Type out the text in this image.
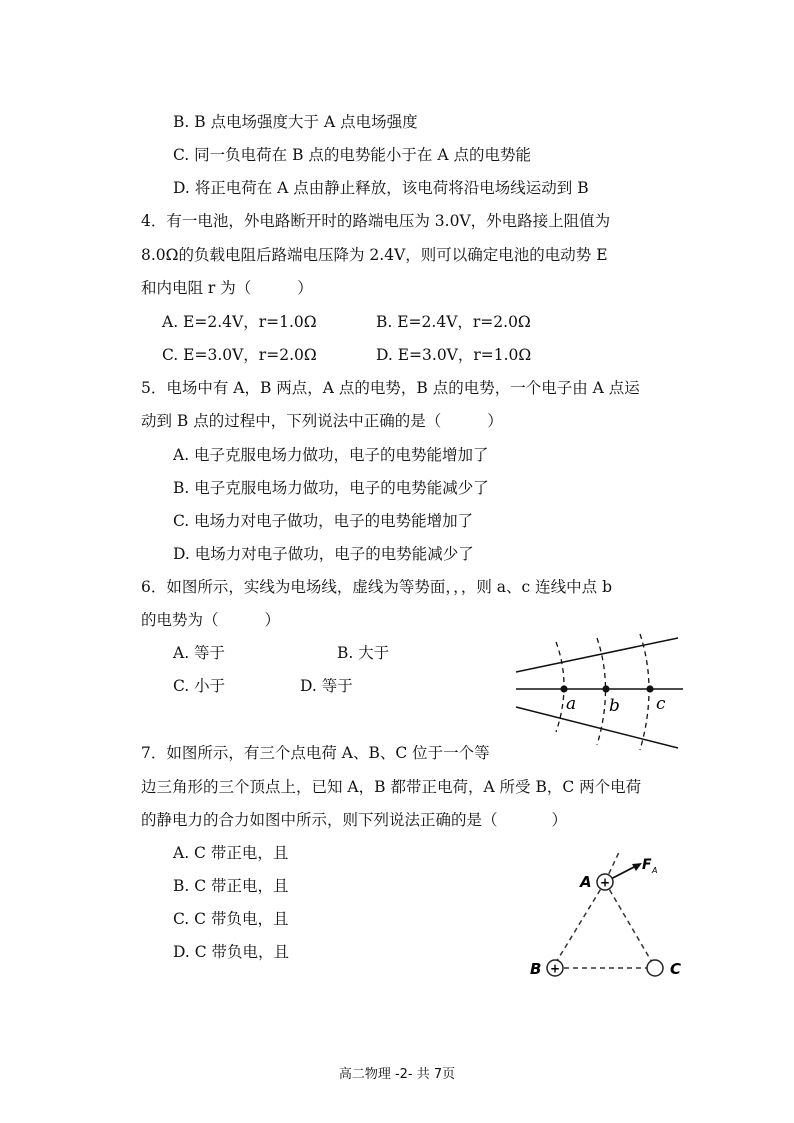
B. B 点电场强度大于 A 点电场强度
C. 同一负电荷在 B 点的电势能小于在 A 点的电势能
D. 将正电荷在 A 点由静止释放，该电荷将沿电场线运动到 B
4．有一电池，外电路断开时的路端电压为 3.0V，外电路接上阻值为
8.0Ω的负载电阻后路端电压降为 2.4V，则可以确定电池的电动势 E
和内电阻 r 为（	）
A. E=2.4V，r=1.0Ω	B. E=2.4V，r=2.0Ω
C. E=3.0V，r=2.0Ω	D. E=3.0V，r=1.0Ω
5．电场中有 A，B 两点，A 点的电势，B 点的电势，一个电子由 A 点运
动到 B 点的过程中，下列说法中正确的是（	）
A. 电子克服电场力做功，电子的电势能增加了
B. 电子克服电场力做功，电子的电势能减少了
C. 电场力对电子做功，电子的电势能增加了
D. 电场力对电子做功，电子的电势能减少了
6．如图所示，实线为电场线，虚线为等势面，，，则 a、c 连线中点 b
的电势为（	）
A. 等于	B. 大于
C. 小于	D. 等于
a b c
7．如图所示，有三个点电荷 A、B、C 位于一个等
边三角形的三个顶点上，已知 A，B 都带正电荷，A 所受 B，C 两个电荷
的静电力的合力如图中所示，则下列说法正确的是（	）
A. C 带正电，且
B. C 带正电，且
C. C 带负电，且
D. C 带负电，且
F A
+
A
+
B	C
高二物理 -2- 共 7页
